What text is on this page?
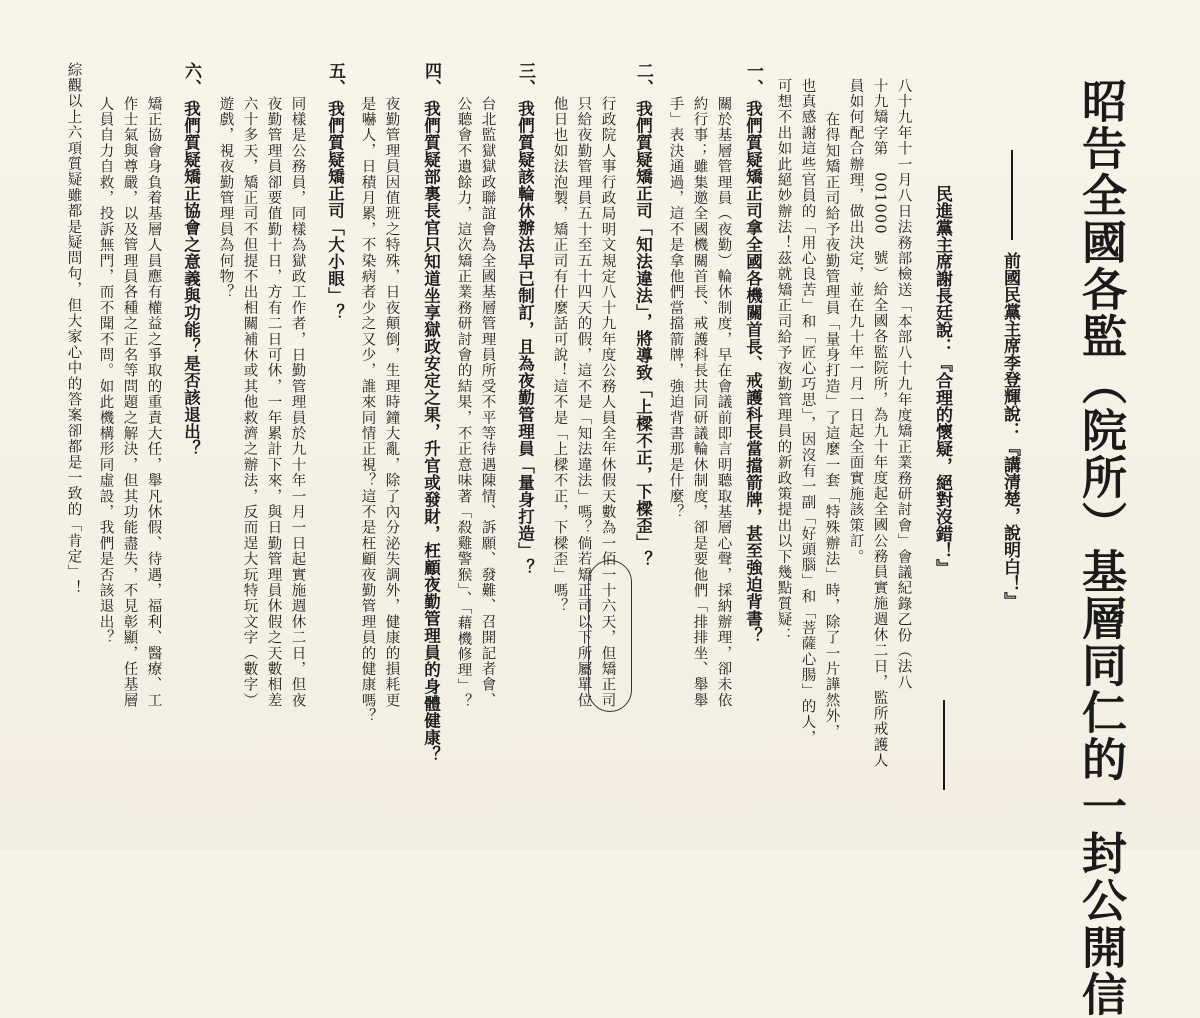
昭告全國各監（院所）基層同仁的一封公開信
前國民黨主席李登輝說：『講清楚，說明白！』
民進黨主席謝長廷說：『合理的懷疑，絕對沒錯！』
八十九年十一月八日法務部檢送「本部八十九年度矯正業務研討會」會議紀錄乙份（法八
十九矯字第　001000　號）給全國各監院所，為九十年度起全國公務員實施週休二日，監所戒護人
員如何配合辦理，做出決定，並在九十年一月一日起全面實施該策訂。
　在得知矯正司給予夜勤管理員「量身打造」了這麼一套「特殊辦法」時，除了一片譁然外，
也真感謝這些官員的「用心良苦」和「匠心巧思」，因沒有一副「好頭腦」和「菩薩心腸」的人，
可想不出如此絕妙辦法！茲就矯正司給予夜勤管理員的新政策提出以下幾點質疑：
一、
我們質疑矯正司拿全國各機關首長、戒護科長當擋箭牌，甚至強迫背書？
關於基層管理員（夜勤）輪休制度，早在會議前即言明聽取基層心聲，採納辦理，卻未依
約行事；雖集邀全國機關首長、戒護科長共同研議輪休制度，卻是要他們「排排坐、舉舉
手」表決通過，這不是拿他們當擋箭牌，強迫背書那是什麼？
二、
我們質疑矯正司「知法違法」，將導致「上樑不正，下樑歪」？
行政院人事行政局明文規定八十九年度公務人員全年休假天數為一佰一十六天，但矯正司
只給夜勤管理員五十至五十四天的假，這不是「知法違法」嗎？倘若矯正司以下所屬單位
他日也如法泡製，矯正司有什麼話可說！這不是「上樑不正，下樑歪」嗎？
三、
我們質疑該輪休辦法早已制訂，且為夜勤管理員「量身打造」？
台北監獄獄政聯誼會為全國基層管理員所受不平等待遇陳情、訴願、發難、召開記者會、
公聽會不遺餘力，這次矯正業務研討會的結果，不正意味著「殺雞警猴」、「藉機修理」？
四、
我們質疑部裏長官只知道坐享獄政安定之果，升官或發財，枉顧夜勤管理員的身體健康？
夜勤管理員因值班之特殊，日夜顛倒，生理時鐘大亂，除了內分泌失調外，健康的損耗更
是嚇人，日積月累，不染病者少之又少，誰來同情正視？這不是枉顧夜勤管理員的健康嗎？
五、
我們質疑矯正司「大小眼」？
同樣是公務員，同樣為獄政工作者，日勤管理員於九十年一月一日起實施週休二日，但夜
夜勤管理員卻要值勤十日，方有二日可休，一年累計下來，與日勤管理員休假之天數相差
六十多天，矯正司不但提不出相關補休或其他救濟之辦法，反而逞大玩特玩文字（數字）
遊戲，視夜勤管理員為何物？
六、
我們質疑矯正協會之意義與功能？是否該退出？
矯正協會身負着基層人員應有權益之爭取的重責大任，舉凡休假、待遇，福利、醫療、工
作士氣與尊嚴，以及管理員各種之正名等問題之解決，但其功能盡失，不見彰顯，任基層
人員自力自救，投訴無門，而不聞不問。如此機構形同虛設，我們是否該退出？
綜觀以上六項質疑雖都是疑問句，但大家心中的答案卻都是一致的「肯定」！
